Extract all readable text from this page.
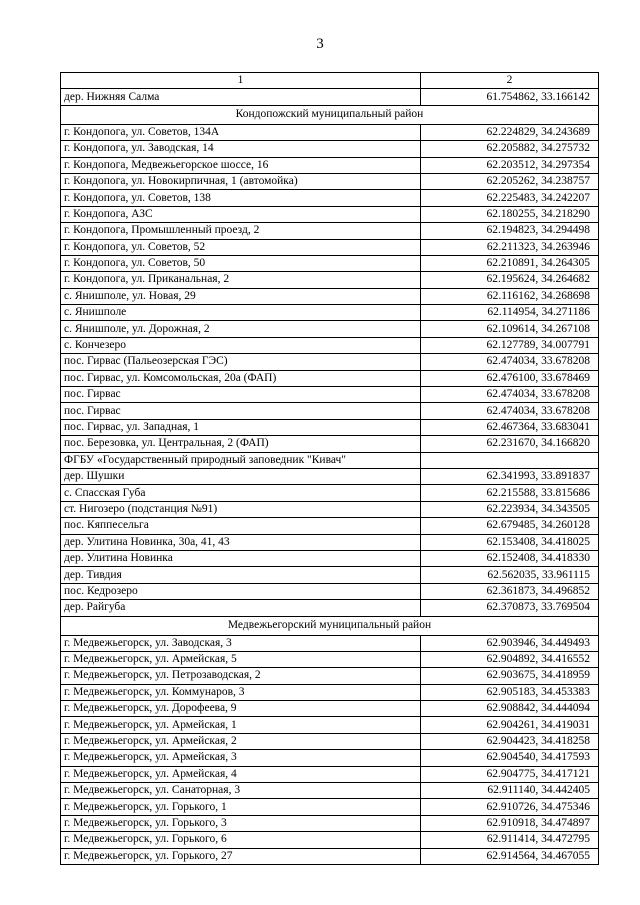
3
1	2
дер. Нижняя Салма	61.754862, 33.166142
Кондопожский муниципальный район	
г. Кондопога, ул. Советов, 134А	62.224829, 34.243689
г. Кондопога, ул. Заводская, 14	62.205882, 34.275732
г. Кондопога, Медвежьегорское шоссе, 16	62.203512, 34.297354
г. Кондопога, ул. Новокирпичная, 1 (автомойка)	62.205262, 34.238757
г. Кондопога, ул. Советов, 138	62.225483, 34.242207
г. Кондопога, АЗС	62.180255, 34.218290
г. Кондопога, Промышленный проезд, 2	62.194823, 34.294498
г. Кондопога, ул. Советов, 52	62.211323, 34.263946
г. Кондопога, ул. Советов, 50	62.210891, 34.264305
г. Кондопога, ул. Приканальная, 2	62.195624, 34.264682
с. Янишполе, ул. Новая, 29	62.116162, 34.268698
с. Янишполе	62.114954, 34.271186
с. Янишполе, ул. Дорожная, 2	62.109614, 34.267108
с. Кончезеро	62.127789, 34.007791
пос. Гирвас (Пальеозерская ГЭС)	62.474034, 33.678208
пос. Гирвас, ул. Комсомольская, 20а (ФАП)	62.476100, 33.678469
пос. Гирвас	62.474034, 33.678208
пос. Гирвас	62.474034, 33.678208
пос. Гирвас, ул. Западная, 1	62.467364, 33.683041
пос. Березовка, ул. Центральная, 2 (ФАП)	62.231670, 34.166820
ФГБУ «Государственный природный заповедник "Кивач"	
дер. Шушки	62.341993, 33.891837
с. Спасская Губа	62.215588, 33.815686
ст. Нигозеро (подстанция №91)	62.223934, 34.343505
пос. Кяппесельга	62.679485, 34.260128
дер. Улитина Новинка, 30а, 41, 43	62.153408, 34.418025
дер. Улитина Новинка	62.152408, 34.418330
дер. Тивдия	62.562035, 33.961115
пос. Кедрозеро	62.361873, 34.496852
дер. Райгуба	62.370873, 33.769504
Медвежьегорский муниципальный район	
г. Медвежьегорск, ул. Заводская, 3	62.903946, 34.449493
г. Медвежьегорск, ул. Армейская, 5	62.904892, 34.416552
г. Медвежьегорск, ул. Петрозаводская, 2	62.903675, 34.418959
г. Медвежьегорск, ул. Коммунаров, 3	62.905183, 34.453383
г. Медвежьегорск, ул. Дорофеева, 9	62.908842, 34.444094
г. Медвежьегорск, ул. Армейская, 1	62.904261, 34.419031
г. Медвежьегорск, ул. Армейская, 2	62.904423, 34.418258
г. Медвежьегорск, ул. Армейская, 3	62.904540, 34.417593
г. Медвежьегорск, ул. Армейская, 4	62.904775, 34.417121
г. Медвежьегорск, ул. Санаторная, 3	62.911140, 34.442405
г. Медвежьегорск, ул. Горького, 1	62.910726, 34.475346
г. Медвежьегорск, ул. Горького, 3	62.910918, 34.474897
г. Медвежьегорск, ул. Горького, 6	62.911414, 34.472795
г. Медвежьегорск, ул. Горького, 27	62.914564, 34.467055
